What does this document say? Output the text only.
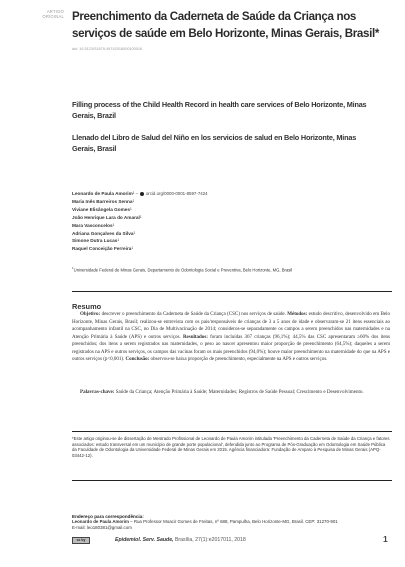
ARTIGO
ORIGINAL Preenchimento da Caderneta de Saúde da Criança nos serviços de saúde em Belo Horizonte, Minas Gerais, Brasil*
doi: 10.5123/S1679-49742018000100016
Filling process of the Child Health Record in health care services of Belo Horizonte, Minas Gerais, Brazil
Llenado del Libro de Salud del Niño en los servicios de salud en Belo Horizonte, Minas Gerais, Brasil
Leonardo de Paula Amorim 1 – orcid.org/0000-0001-8597-7424
Maria Inês Barreiros Senna 1
Viviane Elisângela Gomes 1
João Henrique Lara do Amaral 1
Mara Vasconcelos 1
Adriana Gonçalves da Silva 1
Simone Dutra Lucas 1
Raquel Conceição Ferreira 1
$^1$Universidade Federal de Minas Gerais, Departamento de Odontologia Social e Preventiva, Belo Horizonte, MG, Brasil
Resumo

Objetivo: descrever o preenchimento da Caderneta de Saúde da Criança (CSC) nos serviços de saúde. Métodos: estudo descritivo, desenvolvido em Belo Horizonte, Minas Gerais, Brasil; realizou-se entrevista com os pais/responsáveis de crianças de 3 a 5 anos de idade e observaram-se 21 itens essenciais ao acompanhamento infantil na CSC, no Dia de Multivacinação de 2014; consideros-se separadamente os campos a serem preenchidos nas maternidades e na Atenção Primária à Saúde (APS) e outros serviços. Resultados: foram incluídas 367 crianças (96,1%); 44,5% das CSC apresentaram ≥60% dos itens preenchidos; dos itens a serem registrados nas maternidades, o peso ao nascer apresentou maior proporção de preenchimento (64,5%); daqueles a serem registrados na APS e outros serviços, os campos das vacinas foram os mais preenchidos (94,0%); houve maior preenchimento na maternidade do que na APS e outros serviços (p<0,001). Conclusão: observou-se baixa proporção de preenchimento, especialmente na APS e outros serviços.

Palavras-chave: Saúde da Criança; Atenção Primária à Saúde; Maternidades; Registros de Saúde Pessoal; Crescimento e Desenvolvimento.

*Este artigo originou-se de dissertação de Mestrado Profissional de Leonardo de Paula Amorim intitulada 'Preenchimento da Caderneta de Saúde da Criança e fatores associados: estudo transversal em um município de grande porte populacional', defendida junto ao Programa de Pós-Graduação em Odontologia em Saúde Pública da Faculdade de Odontologia da Universidade Federal de Minas Gerais em 2015. Agência financiadora: Fundação de Amparo à Pesquisa de Minas Gerais (APQ-03442-12).

Endereço para correspondência:

Leonardo de Paula Amorim – Rua Professor Moacir Gomes de Freitas, nº 688, Pampulha, Belo Horizonte-MG, Brasil. CEP: 31270-901
E-mail: leo180381@gmail.com

cc by	Epidemiol. Serv. Saude, Brasília, 27(1):e2017011, 2018	1
